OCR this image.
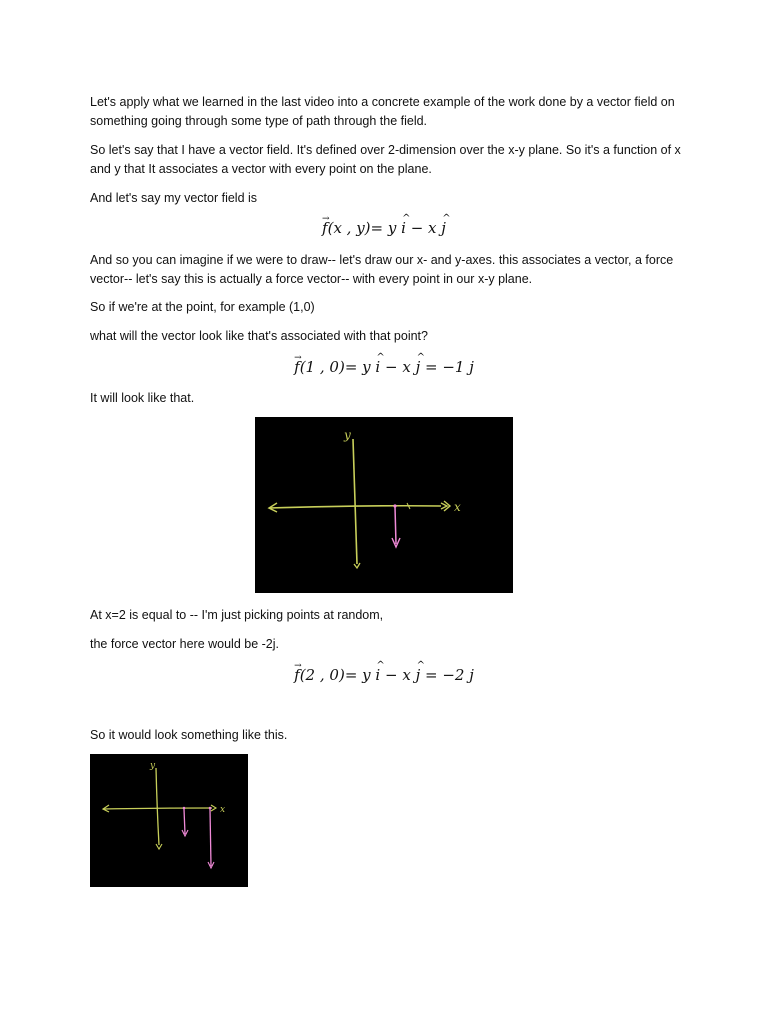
Let's apply what we learned in the last video into a concrete example of the work done by a vector field on something going through some type of path through the field.

So let's say that I have a vector field. It's defined over 2-dimension over the x-y plane. So it's a function of x and y that It associates a vector with every point on the plane.

And let's say my vector field is

→ f(x , y)= y ^ i − x ^ j

And so you can imagine if we were to draw-- let's draw our x- and y-axes. this associates a vector, a force vector-- let's say this is actually a force vector-- with every point in our x-y plane.

So if we're at the point, for example (1,0)

what will the vector look like that's associated with that point?

→ f(1 , 0)= y ^ i − x ^ j = −1 j

It will look like that.

x
y

At x=2 is equal to -- I'm just picking points at random,

the force vector here would be -2j.

→ f(2 , 0)= y ^ i − x ^ j = −2 j

So it would look something like this.

x
y
